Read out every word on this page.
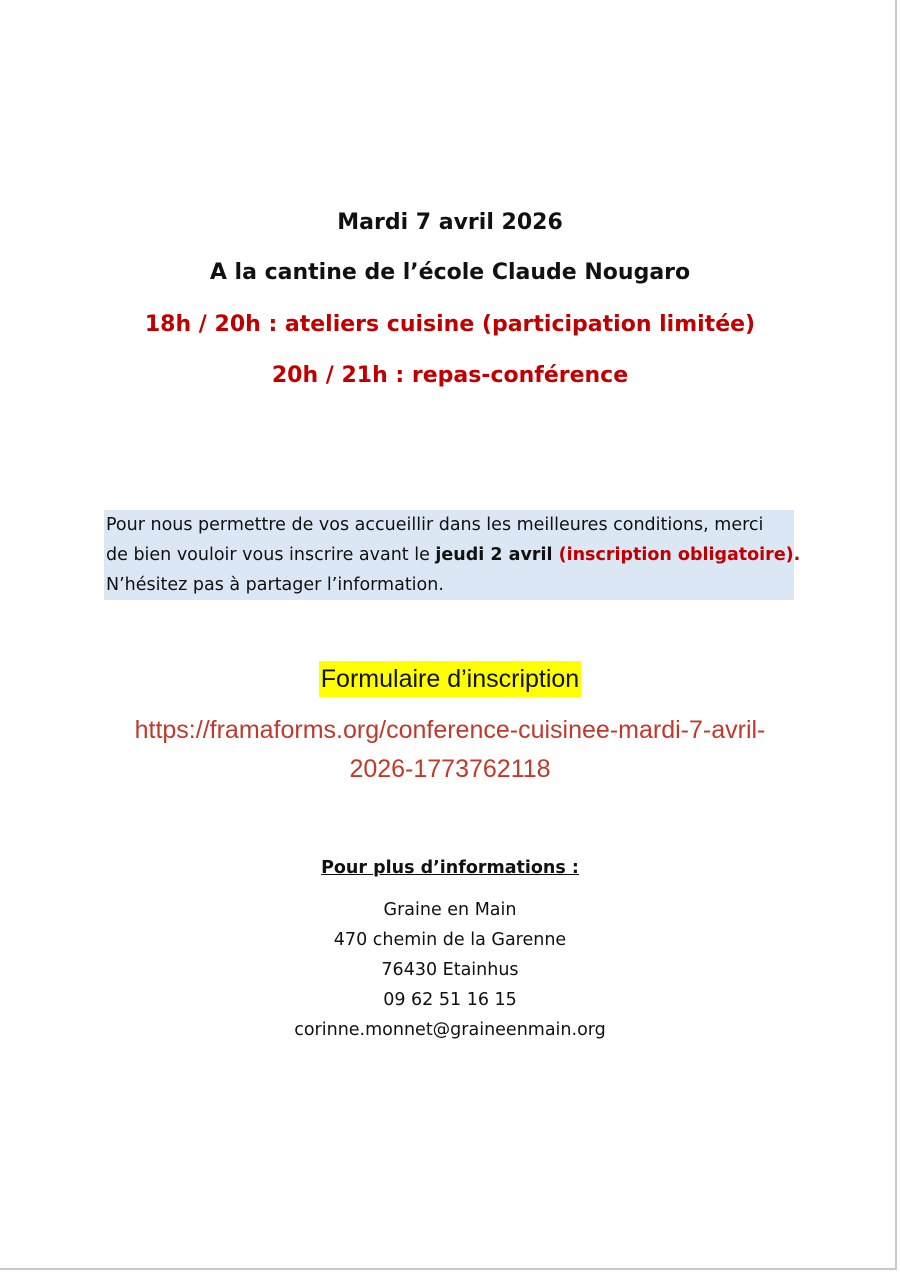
Mardi 7 avril 2026
A la cantine de l’école Claude Nougaro
18h / 20h : ateliers cuisine (participation limitée)
20h / 21h : repas-conférence
Pour nous permettre de vos accueillir dans les meilleures conditions, merci
de bien vouloir vous inscrire avant le jeudi 2 avril (inscription obligatoire).
N’hésitez pas à partager l’information.
Formulaire d’inscription
https://framaforms.org/conference-cuisinee-mardi-7-avril-
2026-1773762118
Pour plus d’informations :
Graine en Main
470 chemin de la Garenne
76430 Etainhus
09 62 51 16 15
corinne.monnet@graineenmain.org
